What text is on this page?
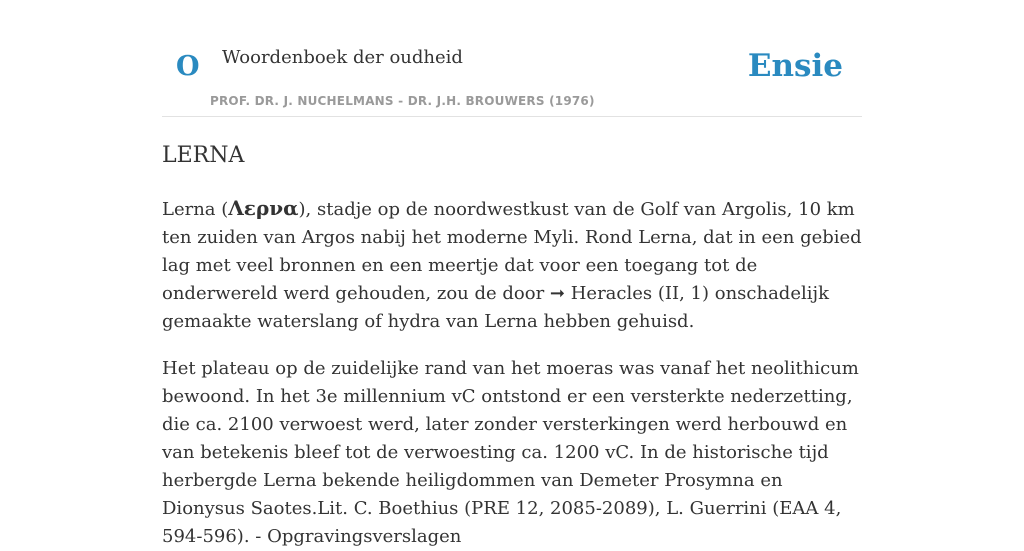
O Woordenboek der oudheid
PROF. DR. J. NUCHELMANS - DR. J.H. BROUWERS (1976)
Ensie
LERNA

Lerna (Λερνα), stadje op de noordwestkust van de Golf van Argolis, 10 km ten zuiden van Argos nabij het moderne Myli. Rond Lerna, dat in een gebied lag met veel bronnen en een meertje dat voor een toegang tot de onderwereld werd gehouden, zou de door ➞ Heracles (II, 1) onschadelijk gemaakte waterslang of hydra van Lerna hebben gehuisd.

Het plateau op de zuidelijke rand van het moeras was vanaf het neolithicum bewoond. In het 3e millennium vC ontstond er een versterkte nederzetting, die ca. 2100 verwoest werd, later zonder versterkingen werd herbouwd en van betekenis bleef tot de verwoesting ca. 1200 vC. In de historische tijd herbergde Lerna bekende heiligdommen van Demeter Prosymna en Dionysus Saotes.Lit. C. Boethius (PRE 12, 2085-2089), L. Guerrini (EAA 4, 594-596). - Opgravingsverslagen
